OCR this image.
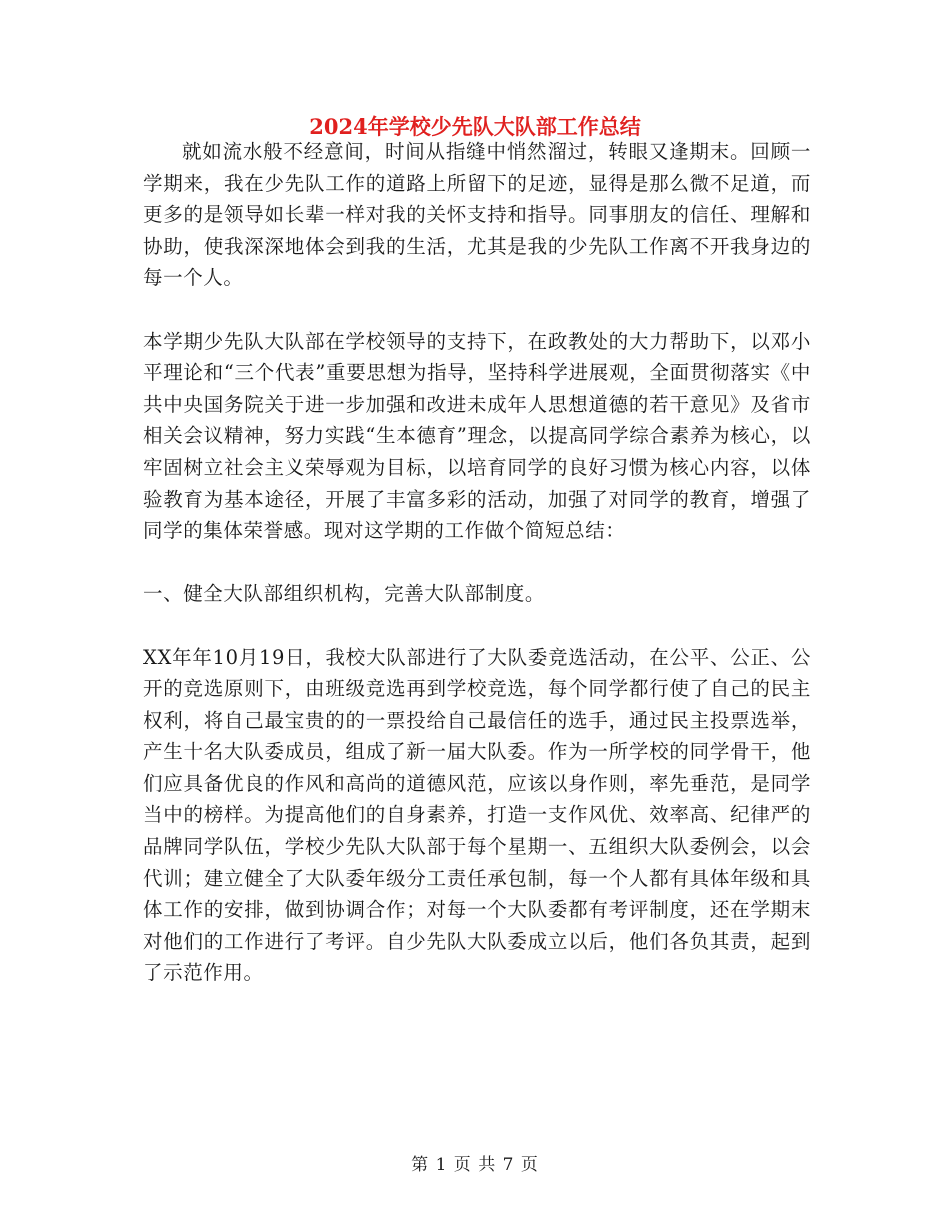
2024年学校少先队大队部工作总结

就如流水般不经意间，时间从指缝中悄然溜过，转眼又逢期末。回顾一学期来，我在少先队工作的道路上所留下的足迹，显得是那么微不足道，而更多的是领导如长辈一样对我的关怀支持和指导。同事朋友的信任、理解和协助，使我深深地体会到我的生活，尤其是我的少先队工作离不开我身边的每一个人。

本学期少先队大队部在学校领导的支持下，在政教处的大力帮助下，以邓小平理论和“三个代表”重要思想为指导，坚持科学进展观，全面贯彻落实《中共中央国务院关于进一步加强和改进未成年人思想道德的若干意见》及省市相关会议精神，努力实践“生本德育”理念，以提高同学综合素养为核心，以牢固树立社会主义荣辱观为目标，以培育同学的良好习惯为核心内容，以体验教育为基本途径，开展了丰富多彩的活动，加强了对同学的教育，增强了同学的集体荣誉感。现对这学期的工作做个简短总结：

一、健全大队部组织机构，完善大队部制度。

XX年年10月19日，我校大队部进行了大队委竞选活动，在公平、公正、公开的竞选原则下，由班级竞选再到学校竞选，每个同学都行使了自己的民主权利，将自己最宝贵的的一票投给自己最信任的选手，通过民主投票选举，产生十名大队委成员，组成了新一届大队委。作为一所学校的同学骨干，他们应具备优良的作风和高尚的道德风范，应该以身作则，率先垂范，是同学当中的榜样。为提高他们的自身素养，打造一支作风优、效率高、纪律严的品牌同学队伍，学校少先队大队部于每个星期一、五组织大队委例会，以会代训；建立健全了大队委年级分工责任承包制，每一个人都有具体年级和具体工作的安排，做到协调合作；对每一个大队委都有考评制度，还在学期末对他们的工作进行了考评。自少先队大队委成立以后，他们各负其责，起到了示范作用。

第 1 页 共 7 页
